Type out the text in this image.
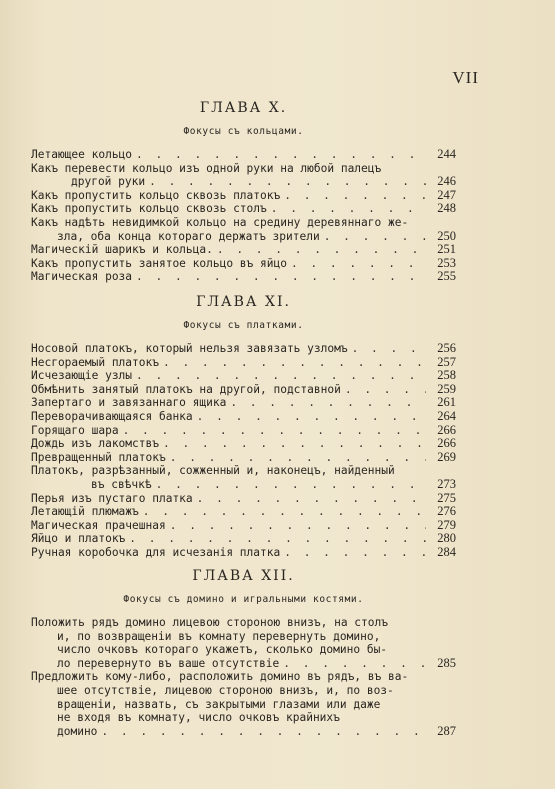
VII
ГЛАВА X.
Фокусы съ кольцами.
Летающее кольцо . . .	244
Какъ перевести кольцо изъ одной руки на любой палецъ
другой руки . . .	246
Какъ пропустить кольцо сквозь платокъ . . .	247
Какъ пропустить кольцо сквозь столъ . . .	248
Какъ надѣть невидимкой кольцо на средину деревяннаго же-
зла, оба конца котораго держатъ зрители . . .	250
Магическій шарикъ и кольца. . . .	251
Какъ пропустить занятое кольцо въ яйцо . . .	253
Магическая роза . . .	255
ГЛАВА XI.
Фокусы съ платками.
Носовой платокъ, который нельзя завязать узломъ . . .	256
Несгораемый платокъ . . .	257
Исчезающіе узлы . . .	258
Обмѣнить занятый платокъ на другой, подставной . . .	259
Запертаго и завязаннаго ящика . . .	261
Переворачивающаяся банка . . .	264
Горящаго шара . . .	266
Дождь изъ лакомствъ . . .	266
Превращенный платокъ . . .	269
Платокъ, разрѣзанный, сожженный и, наконецъ, найденный
въ свѣчкѣ . . .	273
Перья изъ пустаго платка . . .	275
Летающій плюмажъ . . .	276
Магическая прачешная . . .	279
Яйцо и платокъ . . .	280
Ручная коробочка для исчезанія платка . . .	284
ГЛАВА XII.
Фокусы съ домино и игральными костями.
Положить рядъ домино лицевою стороною внизъ, на столъ
и, по возвращеніи въ комнату перевернуть домино,
число очковъ котораго укажетъ, сколько домино бы-
ло перевернуто въ ваше отсутствіе . . .	285
Предложить кому-либо, расположить домино въ рядъ, въ ва-
шее отсутствіе, лицевою стороною внизъ, и, по воз-
вращеніи, назвать, съ закрытыми глазами или даже
не входя въ комнату, число очковъ крайнихъ
домино . . .	287
